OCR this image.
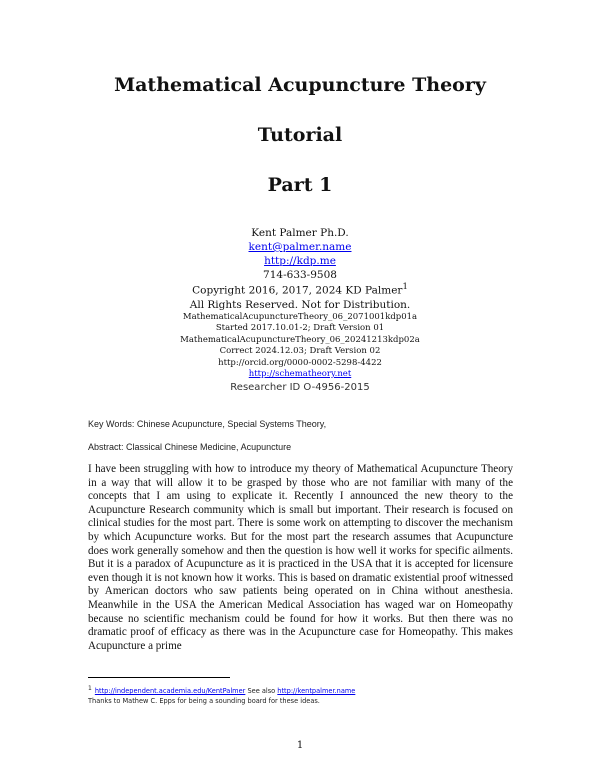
Mathematical Acupuncture Theory
Tutorial
Part 1
Kent Palmer Ph.D.
kent@palmer.name
http://kdp.me
714-633-9508
Copyright 2016, 2017, 2024 KD Palmer$^1$
All Rights Reserved. Not for Distribution.
MathematicalAcupunctureTheory_06_2071001kdp01a
Started 2017.10.01-2; Draft Version 01
MathematicalAcupunctureTheory_06_20241213kdp02a
Correct 2024.12.03; Draft Version 02
http://orcid.org/0000-0002-5298-4422
http://schematheory.net
Researcher ID O-4956-2015
Key Words: Chinese Acupuncture, Special Systems Theory,
Abstract: Classical Chinese Medicine, Acupuncture

I have been struggling with how to introduce my theory of Mathematical Acupuncture Theory in a way that will allow it to be grasped by those who are not familiar with many of the concepts that I am using to explicate it. Recently I announced the new theory to the Acupuncture Research community which is small but important. Their research is focused on clinical studies for the most part. There is some work on attempting to discover the mechanism by which Acupuncture works. But for the most part the research assumes that Acupuncture does work generally somehow and then the question is how well it works for specific ailments. But it is a paradox of Acupuncture as it is practiced in the USA that it is accepted for licensure even though it is not known how it works. This is based on dramatic existential proof witnessed by American doctors who saw patients being operated on in China without anesthesia. Meanwhile in the USA the American Medical Association has waged war on Homeopathy because no scientific mechanism could be found for how it works. But then there was no dramatic proof of efficacy as there was in the Acupuncture case for Homeopathy. This makes Acupuncture a prime

1 http://independent.academia.edu/KentPalmer See also http://kentpalmer.name
Thanks to Mathew C. Epps for being a sounding board for these ideas.
1
